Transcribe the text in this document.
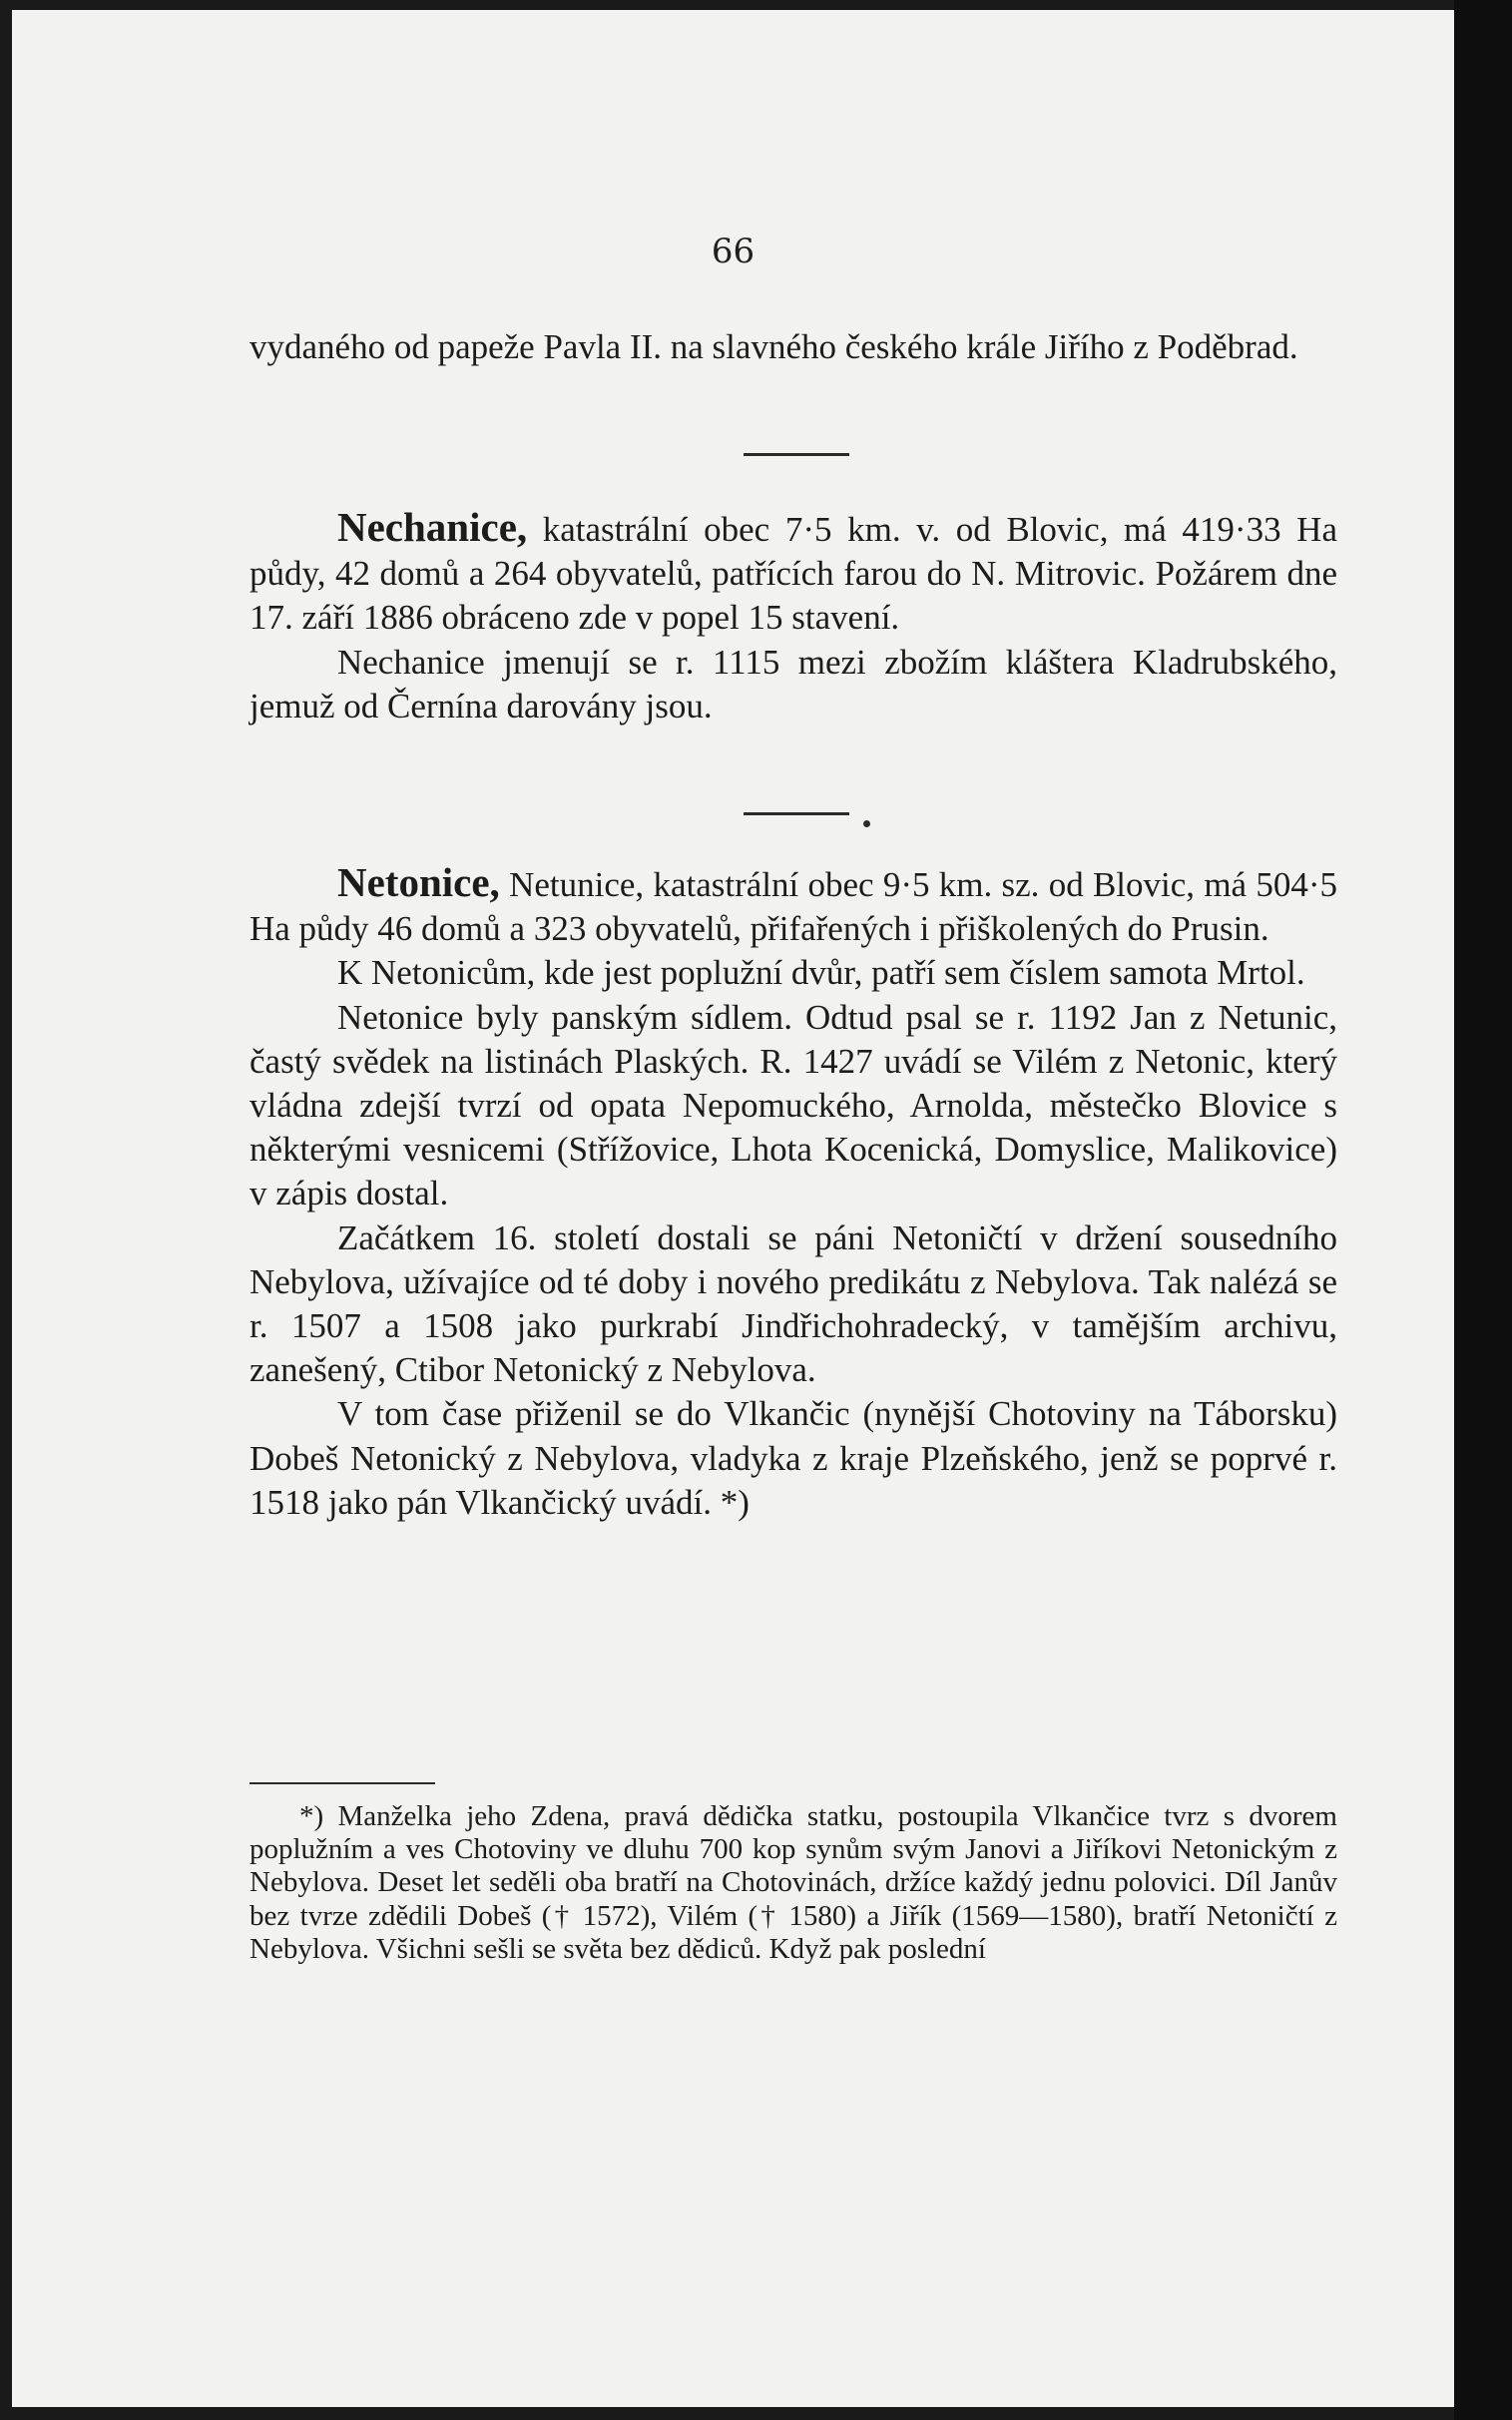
66

vydaného od papeže Pavla II. na slavného českého krále Jiřího z Poděbrad.

Nechanice, katastrální obec 7·5 km. v. od Blovic, má 419·33 Ha půdy, 42 domů a 264 obyvatelů, patřících farou do N. Mitrovic. Požárem dne 17. září 1886 obráceno zde v popel 15 stavení.

Nechanice jmenují se r. 1115 mezi zbožím kláštera Kladrubského, jemuž od Černína darovány jsou.

Netonice, Netunice, katastrální obec 9·5 km. sz. od Blovic, má 504·5 Ha půdy 46 domů a 323 obyvatelů, přifařených i přiškolených do Prusin.

K Netonicům, kde jest poplužní dvůr, patří sem číslem samota Mrtol.

Netonice byly panským sídlem. Odtud psal se r. 1192 Jan z Netunic, častý svědek na listinách Plaských. R. 1427 uvádí se Vilém z Netonic, který vládna zdejší tvrzí od opata Nepomuckého, Arnolda, městečko Blovice s některými vesnicemi (Střížovice, Lhota Kocenická, Domyslice, Malikovice) v zápis dostal.

Začátkem 16. století dostali se páni Netoničtí v držení sousedního Nebylova, užívajíce od té doby i nového predikátu z Nebylova. Tak nalézá se r. 1507 a 1508 jako purkrabí Jindřichohradecký, v tamějším archivu, zanešený, Ctibor Netonický z Nebylova.

V tom čase přiženil se do Vlkančic (nynější Chotoviny na Táborsku) Dobeš Netonický z Nebylova, vladyka z kraje Plzeňského, jenž se poprvé r. 1518 jako pán Vlkančický uvádí. *)

*) Manželka jeho Zdena, pravá dědička statku, postoupila Vlkančice tvrz s dvorem poplužním a ves Chotoviny ve dluhu 700 kop synům svým Janovi a Jiříkovi Netonickým z Nebylova. Deset let seděli oba bratří na Chotovinách, držíce každý jednu polovici. Díl Janův bez tvrze zdědili Dobeš († 1572), Vilém († 1580) a Jiřík (1569—1580), bratří Netoničtí z Nebylova. Všichni sešli se světa bez dědiců. Když pak poslední
